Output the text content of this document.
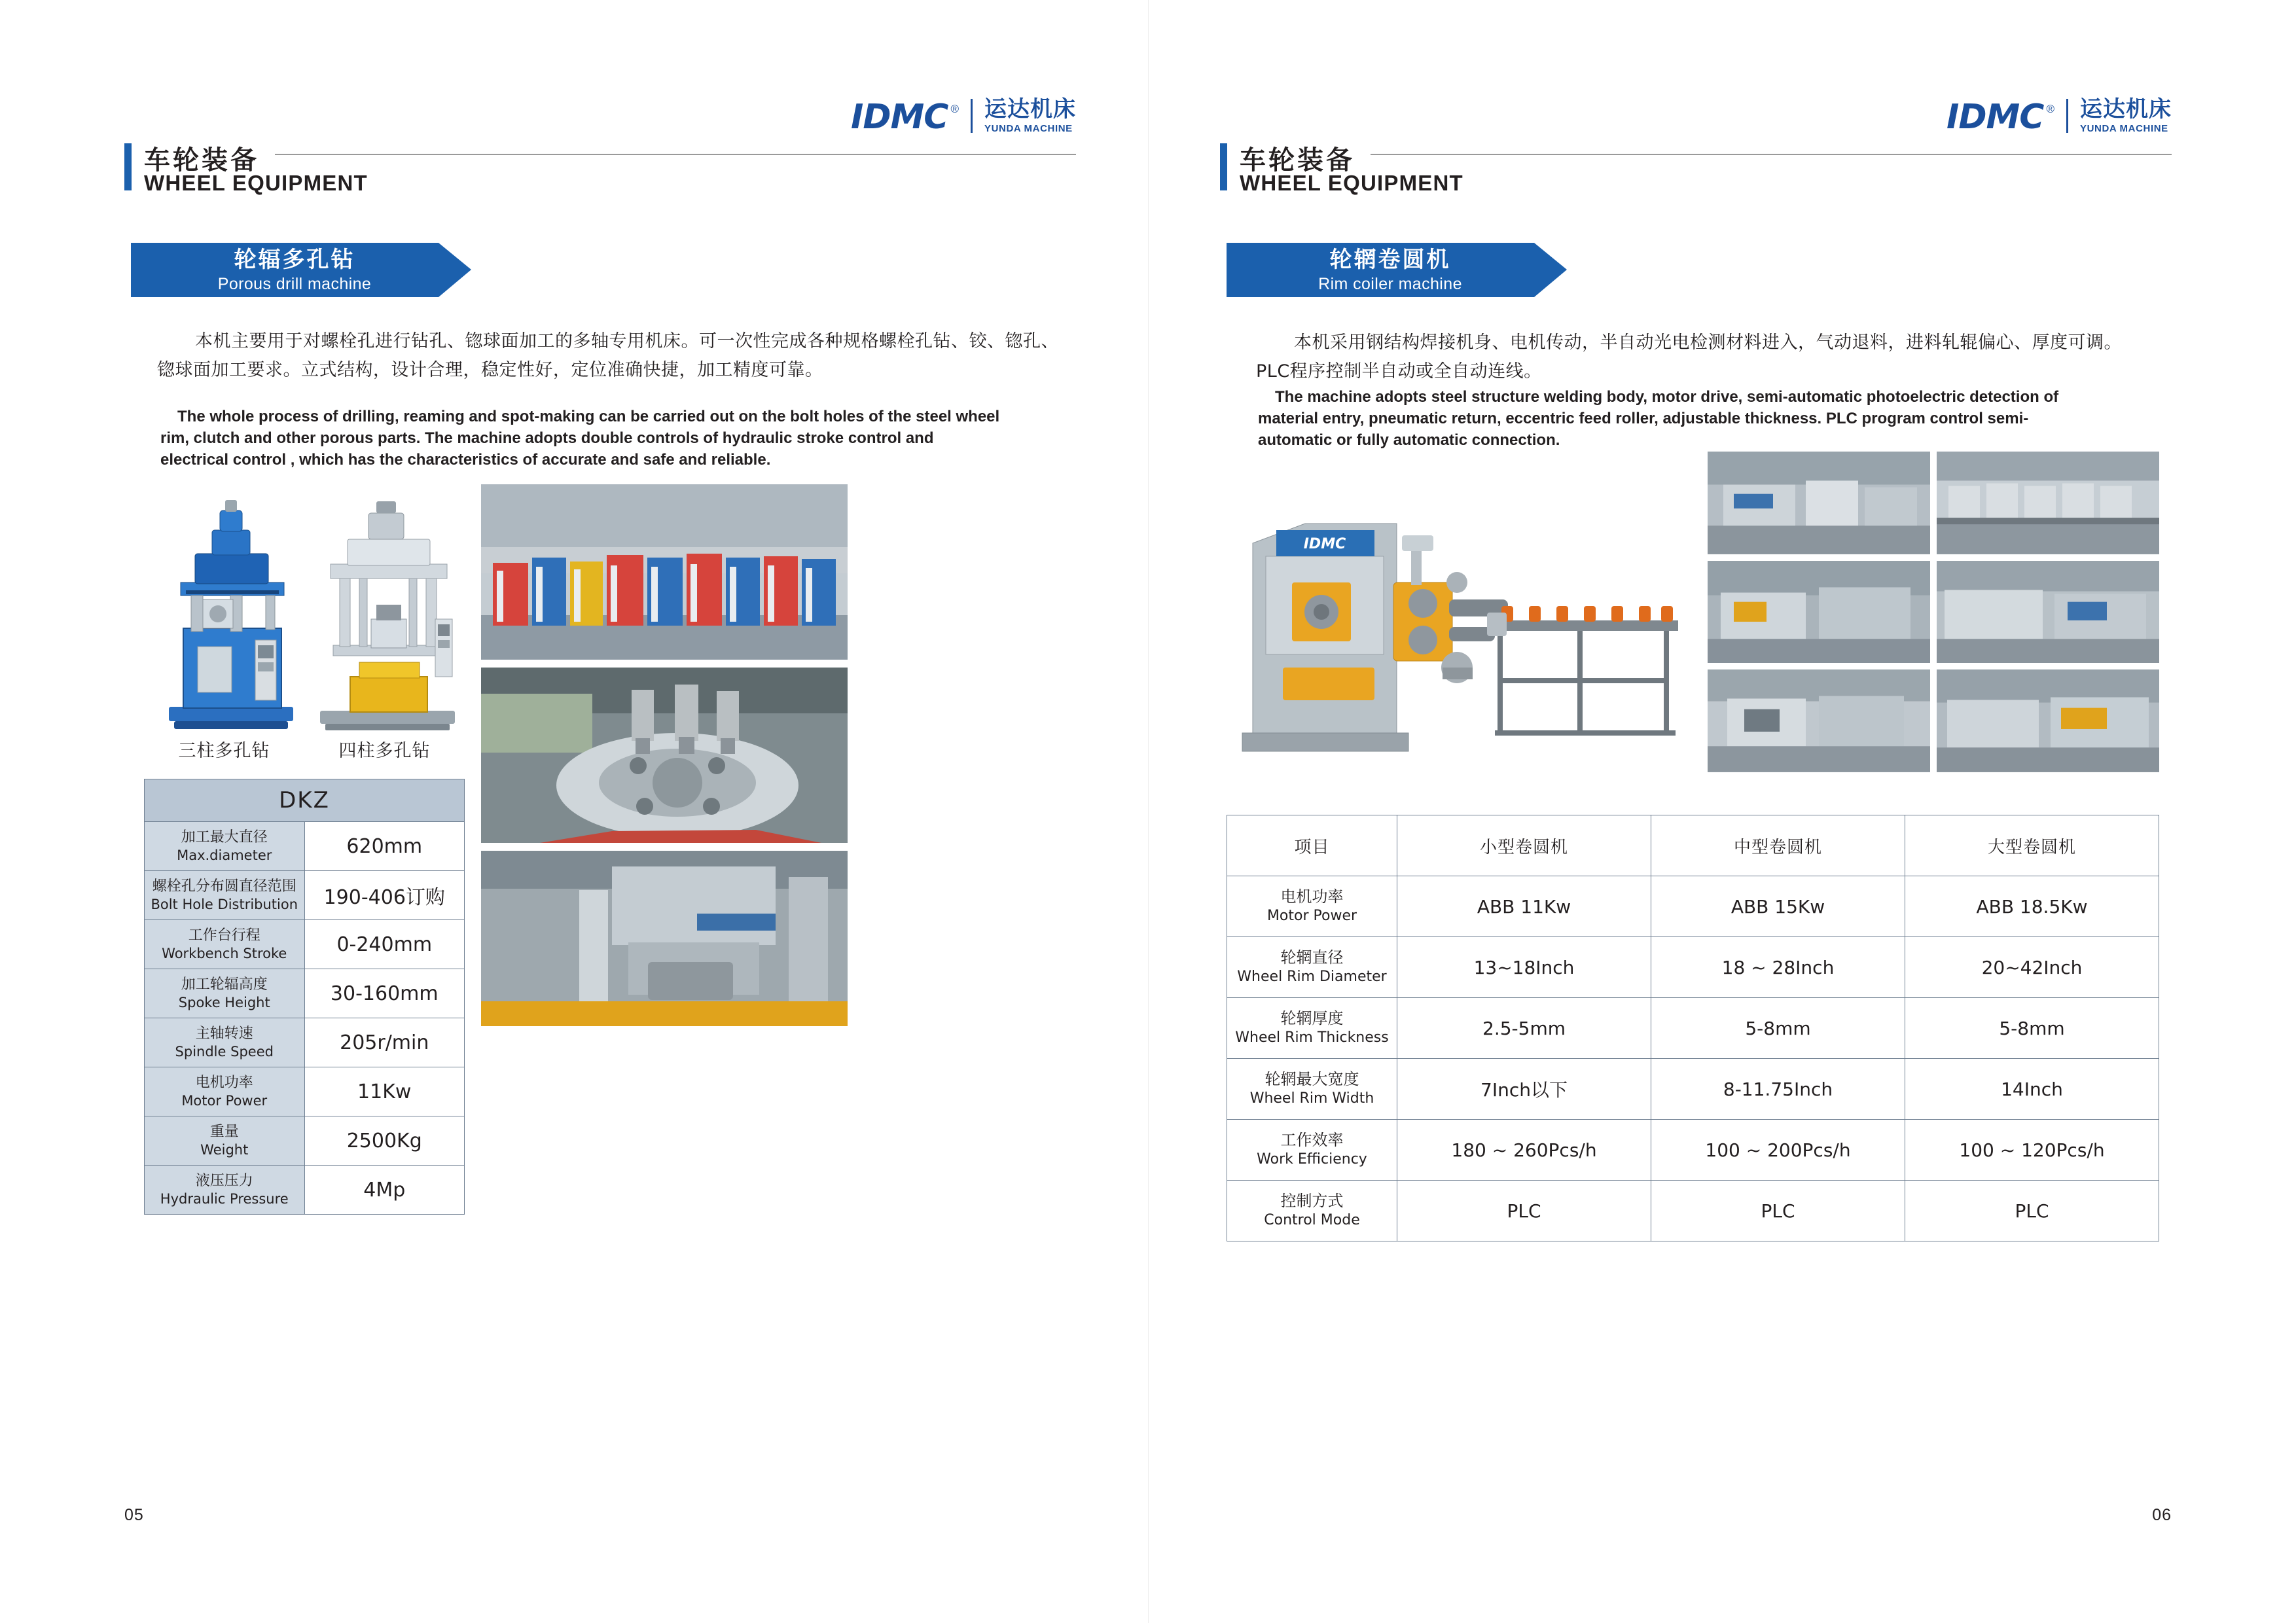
IDMC ® 运达机床
YUNDA MACHINE
车轮装备
WHEEL EQUIPMENT
轮辐多孔钻
Porous drill machine
本机主要用于对螺栓孔进行钻孔、锪球面加工的多轴专用机床。可一次性完成各种规格螺栓孔钻、铰、锪孔、锪球面加工要求。立式结构，设计合理，稳定性好，定位准确快捷，加工精度可靠。
The whole process of drilling, reaming and spot-making can be carried out on the bolt holes of the steel wheel rim, clutch and other porous parts. The machine adopts double controls of hydraulic stroke control and electrical control , which has the characteristics of accurate and safe and reliable.
三柱多孔钻	四柱多孔钻
DKZ	

加工最大直径
Max.diameter	620mm

螺栓孔分布圆直径范围
Bolt Hole Distribution	190-406订购

工作台行程
Workbench Stroke	0-240mm

加工轮辐高度
Spoke Height	30-160mm

主轴转速
Spindle Speed	205r/min

电机功率
Motor Power	11Kw

重量
Weight	2500Kg

液压压力
Hydraulic Pressure	4Mp
05
IDMC ® 运达机床
YUNDA MACHINE
车轮装备
WHEEL EQUIPMENT
轮辋卷圆机
Rim coiler machine
本机采用钢结构焊接机身、电机传动，半自动光电检测材料进入，气动退料，进料轧辊偏心、厚度可调。PLC程序控制半自动或全自动连线。
The machine adopts steel structure welding body, motor drive, semi-automatic photoelectric detection of material entry, pneumatic return, eccentric feed roller, adjustable thickness. PLC program control semi-automatic or fully automatic connection.
IDMC
项目	小型卷圆机	中型卷圆机	大型卷圆机

电机功率
Motor Power	ABB 11Kw	ABB 15Kw	ABB 18.5Kw

轮辋直径
Wheel Rim Diameter	13~18Inch	18 ~ 28Inch	20~42Inch

轮辋厚度
Wheel Rim Thickness	2.5-5mm	5-8mm	5-8mm

轮辋最大宽度
Wheel Rim Width	7Inch以下	8-11.75Inch	14Inch

工作效率
Work Efficiency	180 ~ 260Pcs/h	100 ~ 200Pcs/h	100 ~ 120Pcs/h

控制方式
Control Mode	PLC	PLC	PLC
06
